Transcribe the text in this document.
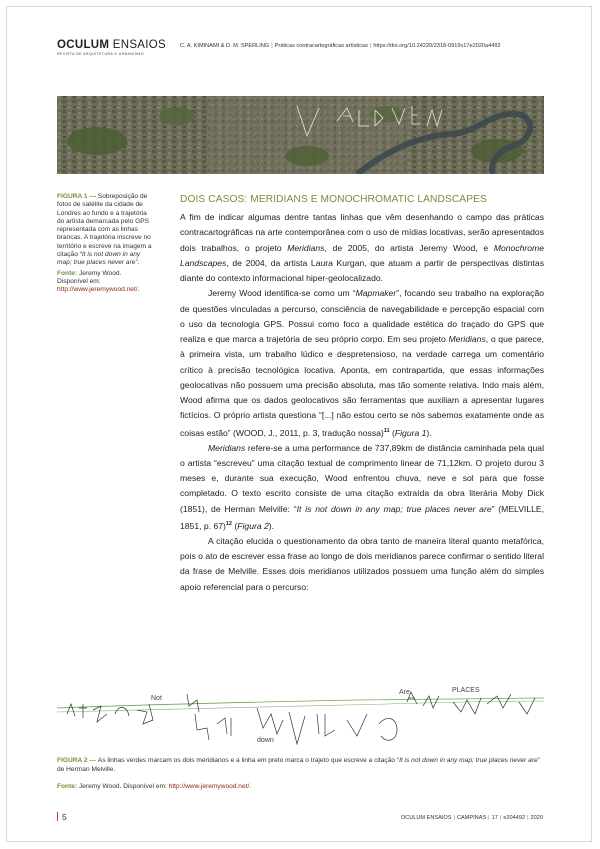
OCULUM ENSAIOS
REVISTA DE ARQUITETURA E URBANISMO
C. A. KIMINAMI & D. M. SPERLING | Práticas contracartográficas artísticas | https://doi.org/10.24220/2318-0919v17e2020a4492
FIGURA 1 — Sobreposição de fotos de satélite da cidade de Londres ao fundo e a trajetória do artista demarcada pelo GPS representada com as linhas brancas. A trajetória inscreve no território e escreve na imagem a citação “It is not down in any map; true places never are”.
Fonte: Jeremy Wood. Disponível em: http://www.jeremywood.net/.
DOIS CASOS: MERIDIANS E MONOCHROMATIC LANDSCAPES

A fim de indicar algumas dentre tantas linhas que vêm desenhando o campo das práticas contracartográficas na arte contemporânea com o uso de mídias locativas, serão apresentados dois trabalhos, o projeto Meridians, de 2005, do artista Jeremy Wood, e Monochrome Landscapes, de 2004, da artista Laura Kurgan, que atuam a partir de perspectivas distintas diante do contexto informacional hiper-geolocalizado.

Jeremy Wood identifica-se como um “Mapmaker”, focando seu trabalho na exploração de questões vinculadas a percurso, consciência de navegabilidade e percepção espacial com o uso da tecnologia GPS. Possui como foco a qualidade estética do traçado do GPS que realiza e que marca a trajetória de seu próprio corpo. Em seu projeto Meridians, o que parece, à primeira vista, um trabalho lúdico e despretensioso, na verdade carrega um comentário crítico à precisão tecnológica locativa. Aponta, em contrapartida, que essas informações geolocativas não possuem uma precisão absoluta, mas tão somente relativa. Indo mais além, Wood afirma que os dados geolocativos são ferramentas que auxiliam a apresentar lugares fictícios. O próprio artista questiona “[...] não estou certo se nós sabemos exatamente onde as coisas estão” (WOOD, J., 2011, p. 3, tradução nossa)$^{11}$ (Figura 1).

Meridians refere-se a uma performance de 737,89km de distância caminhada pela qual o artista “escreveu” uma citação textual de comprimento linear de 71,12km. O projeto durou 3 meses e, durante sua execução, Wood enfrentou chuva, neve e sol para que fosse completado. O texto escrito consiste de uma citação extraída da obra literária Moby Dick (1851), de Herman Melville: “It is not down in any map; true places never are” (MELVILLE, 1851, p. 67)$^{12}$ (Figura 2).

A citação elucida o questionamento da obra tanto de maneira literal quanto metafórica, pois o ato de escrever essa frase ao longo de dois meridianos parece confirmar o sentido literal da frase de Melville. Esses dois meridianos utilizados possuem uma função além do simples apoio referencial para o percurso:

Not
Are
down
PLACES
FIGURA 2 — As linhas verdes marcam os dois meridianos e a linha em preto marca o trajeto que escreve a citação “It is not down in any map; true places never are” de Herman Melville.
Fonte: Jeremy Wood. Disponível em: http://www.jeremywood.net/.
5	OCULUM ENSAIOS | CAMPINAS | 17 | e204492 | 2020
